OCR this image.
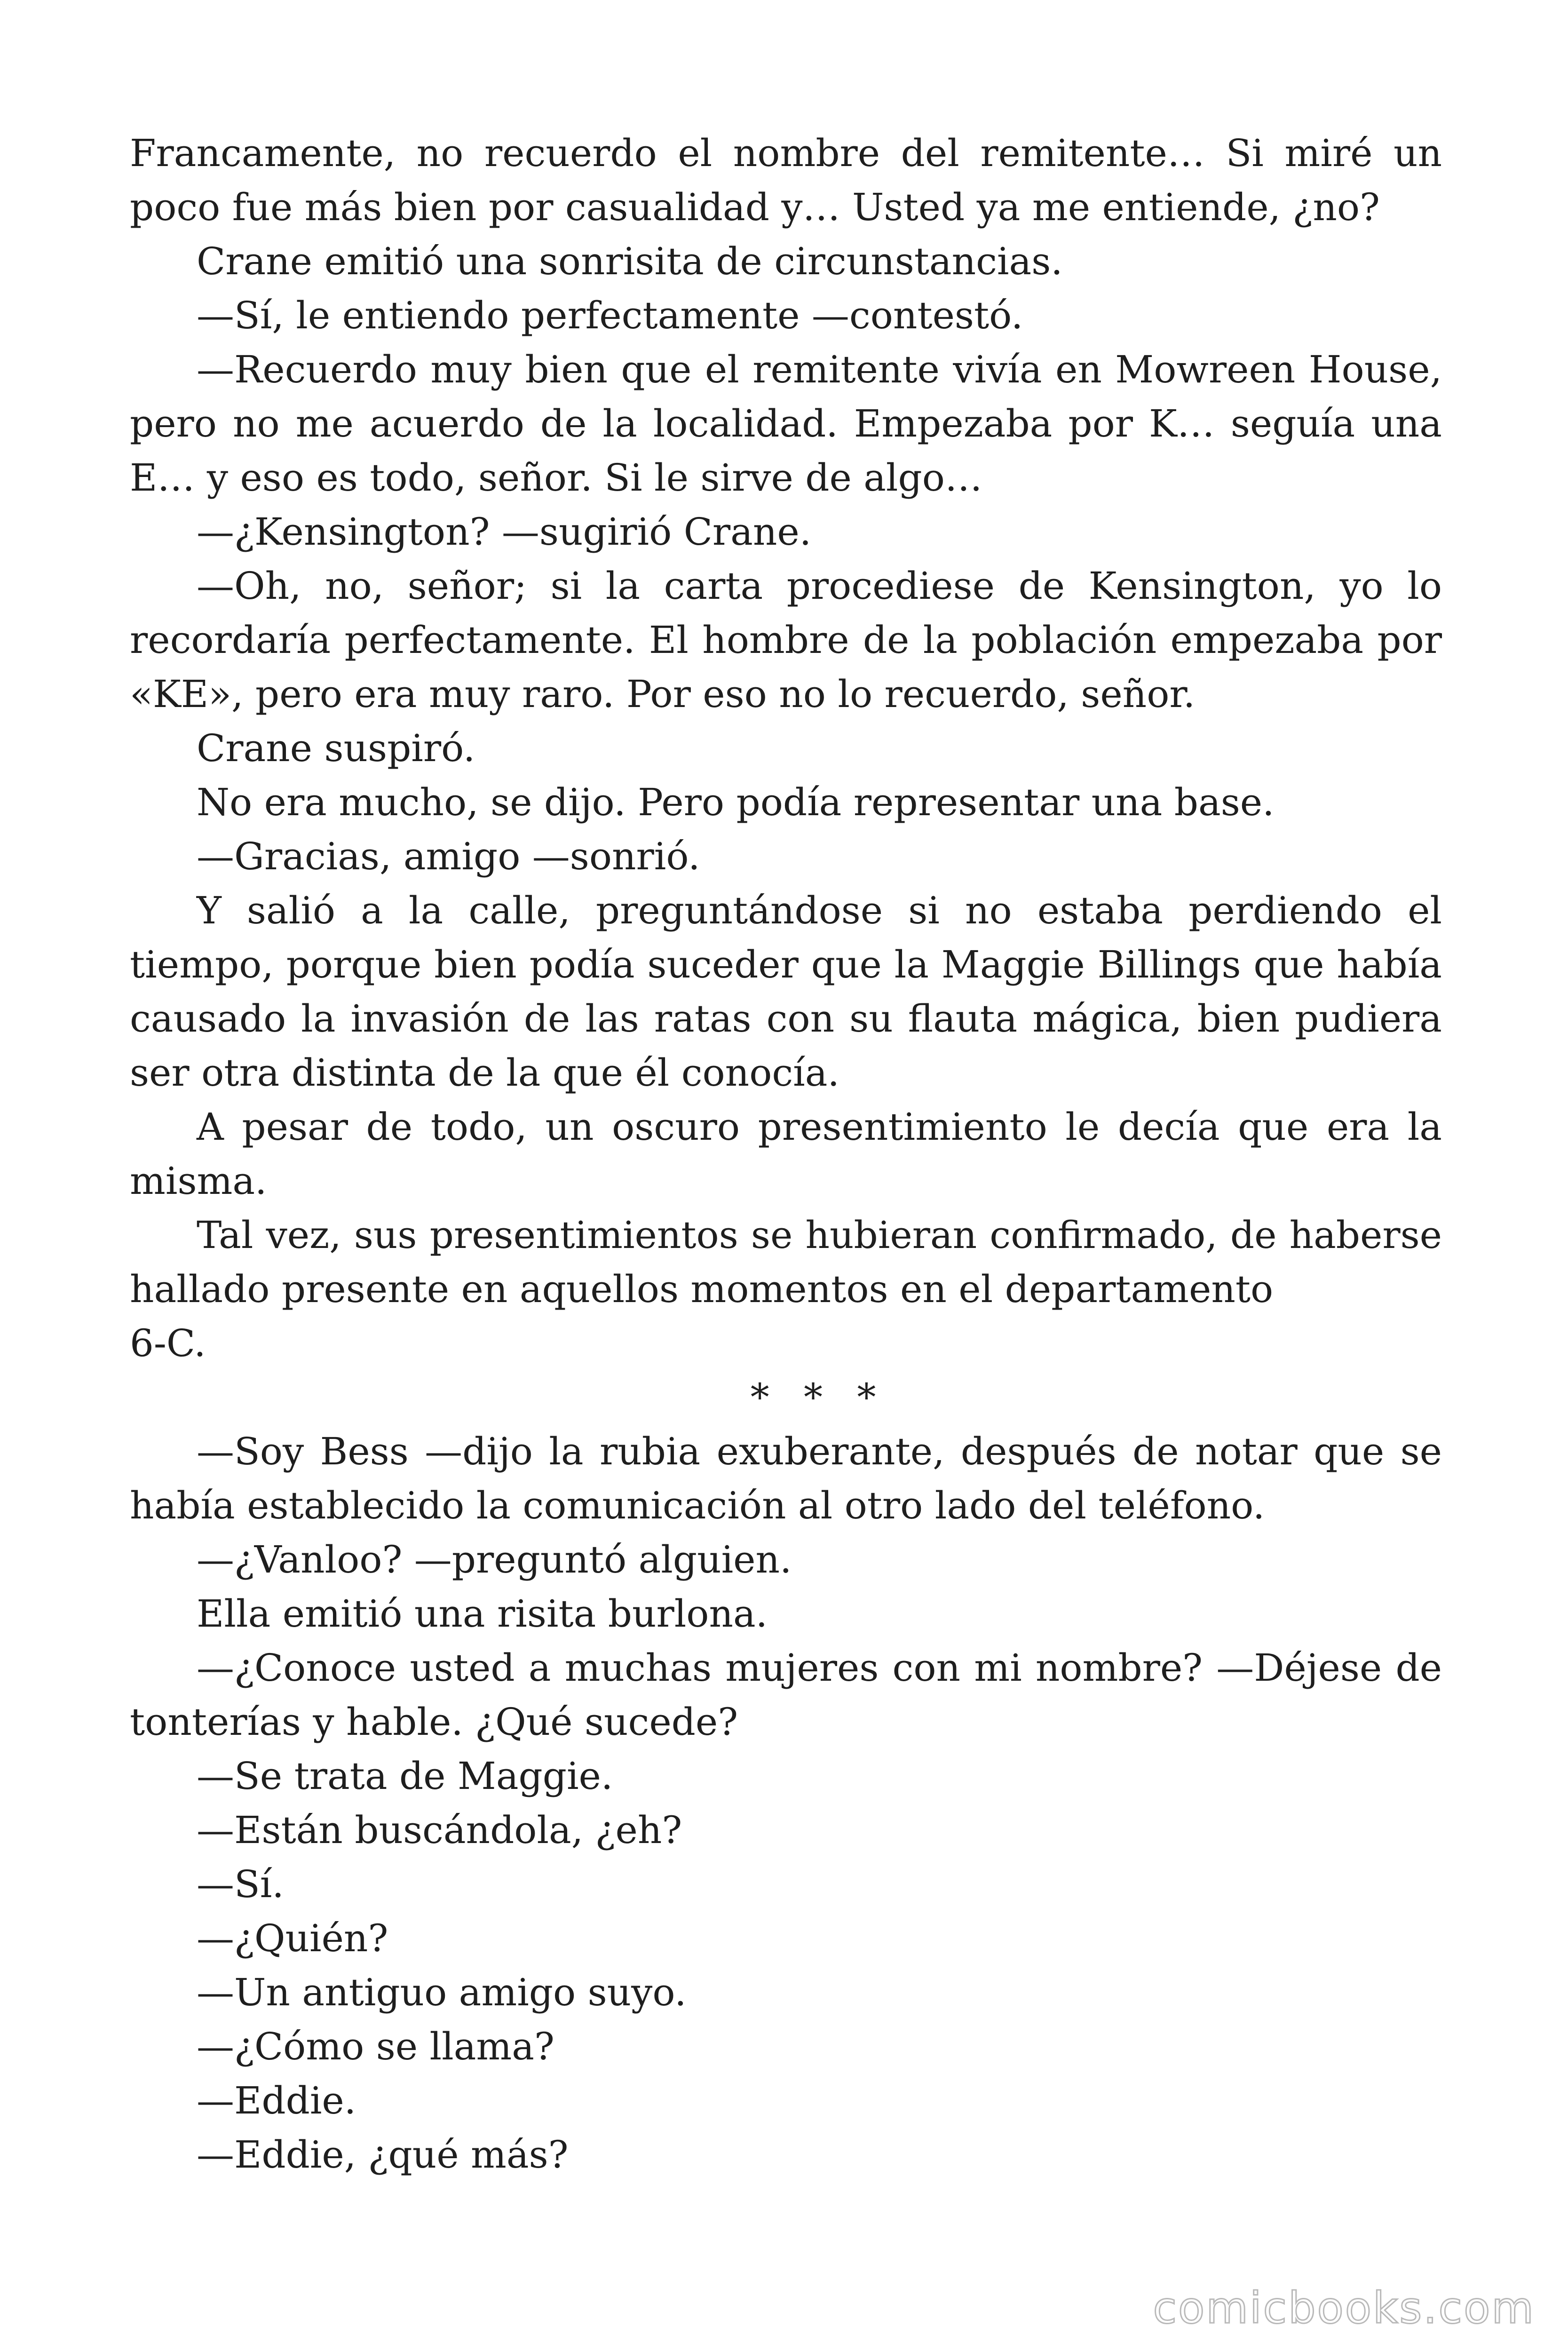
Francamente, no recuerdo el nombre del remitente… Si miré un poco fue más bien por casualidad y… Usted ya me entiende, ¿no?

Crane emitió una sonrisita de circunstancias.

—Sí, le entiendo perfectamente —contestó.

—Recuerdo muy bien que el remitente vivía en Mowreen House, pero no me acuerdo de la localidad. Empezaba por K… seguía una E… y eso es todo, señor. Si le sirve de algo…

—¿Kensington? —sugirió Crane.

—Oh, no, señor; si la carta procediese de Kensington, yo lo recordaría perfectamente. El hombre de la población empezaba por «KE», pero era muy raro. Por eso no lo recuerdo, señor.

Crane suspiró.

No era mucho, se dijo. Pero podía representar una base.

—Gracias, amigo —sonrió.

Y salió a la calle, preguntándose si no estaba perdiendo el tiempo, porque bien podía suceder que la Maggie Billings que había causado la invasión de las ratas con su flauta mágica, bien pudiera ser otra distinta de la que él conocía.

A pesar de todo, un oscuro presentimiento le decía que era la misma.

Tal vez, sus presentimientos se hubieran confirmado, de haberse hallado presente en aquellos momentos en el departamento

6-C.

* * *

—Soy Bess —dijo la rubia exuberante, después de notar que se había establecido la comunicación al otro lado del teléfono.

—¿Vanloo? —preguntó alguien.

Ella emitió una risita burlona.

—¿Conoce usted a muchas mujeres con mi nombre? —Déjese de tonterías y hable. ¿Qué sucede?

—Se trata de Maggie.

—Están buscándola, ¿eh?

—Sí.

—¿Quién?

—Un antiguo amigo suyo.

—¿Cómo se llama?

—Eddie.

—Eddie, ¿qué más?

comicbooks.com
